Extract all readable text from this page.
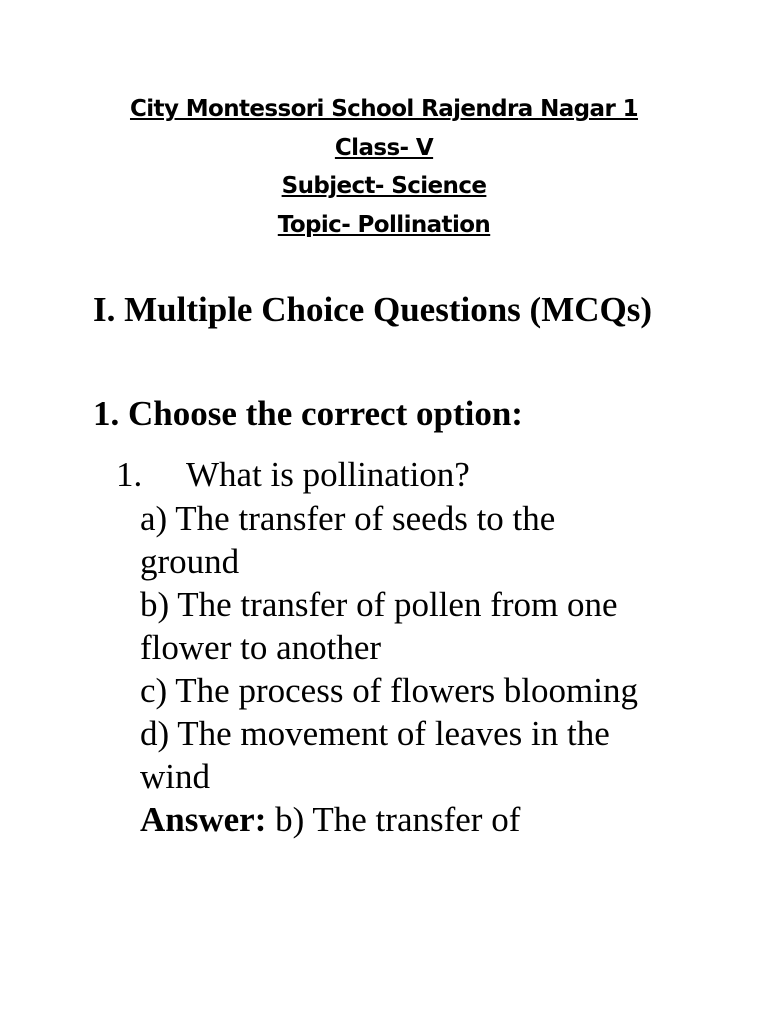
City Montessori School Rajendra Nagar 1
Class- V
Subject- Science
Topic- Pollination
I. Multiple Choice Questions (MCQs)
1. Choose the correct option:
1. What is pollination?

a) The transfer of seeds to the ground

b) The transfer of pollen from one flower to another

c) The process of flowers blooming

d) The movement of leaves in the wind

Answer: b) The transfer of
